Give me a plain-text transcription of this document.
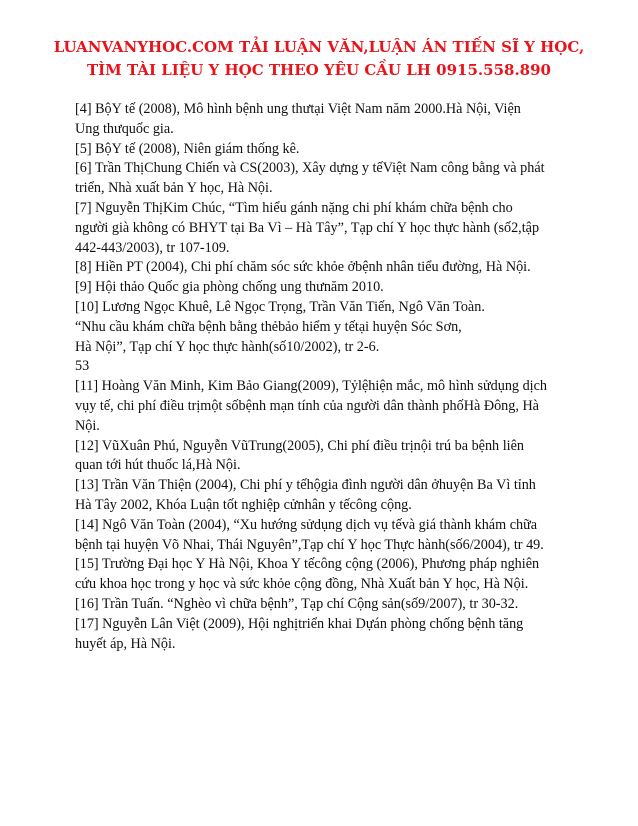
LUANVANYHOC.COM TẢI LUẬN VĂN,LUẬN ÁN TIẾN SĨ Y HỌC,
TÌM TÀI LIỆU Y HỌC THEO YÊU CẦU LH 0915.558.890
[4] BộY tế (2008), Mô hình bệnh ung thưtại Việt Nam năm 2000.Hà Nội, Viện
Ung thưquốc gia.
[5] BộY tế (2008), Niên giám thống kê.
[6] Trần ThịChung Chiến và CS(2003), Xây dựng y tếViệt Nam công bằng và phát
triển, Nhà xuất bản Y học, Hà Nội.
[7] Nguyễn ThịKim Chúc, “Tìm hiểu gánh nặng chi phí khám chữa bệnh cho
người già không có BHYT tại Ba Vì – Hà Tây”, Tạp chí Y học thực hành (số2,tập
442-443/2003), tr 107-109.
[8] Hiền PT (2004), Chi phí chăm sóc sức khỏe ởbệnh nhân tiểu đường, Hà Nội.
[9] Hội thảo Quốc gia phòng chống ung thưnăm 2010.
[10] Lương Ngọc Khuê, Lê Ngọc Trọng, Trần Văn Tiến, Ngô Văn Toàn.
“Nhu cầu khám chữa bệnh bằng thẻbảo hiểm y tếtại huyện Sóc Sơn,
Hà Nội”, Tạp chí Y học thực hành(số10/2002), tr 2-6.
53
[11] Hoàng Văn Minh, Kim Bảo Giang(2009), Tỷlệhiện mắc, mô hình sửdụng dịch
vụy tế, chi phí điều trịmột sốbệnh mạn tính của người dân thành phốHà Đông, Hà
Nội.
[12] VũXuân Phú, Nguyễn VũTrung(2005), Chi phí điều trịnội trú ba bệnh liên
quan tới hút thuốc lá,Hà Nội.
[13] Trần Văn Thiện (2004), Chi phí y tếhộgia đình người dân ởhuyện Ba Vì tỉnh
Hà Tây 2002, Khóa Luận tốt nghiệp cửnhân y tếcông cộng.
[14] Ngô Văn Toàn (2004), “Xu hướng sửdụng dịch vụ tếvà giá thành khám chữa
bệnh tại huyện Võ Nhai, Thái Nguyên”,Tạp chí Y học Thực hành(số6/2004), tr 49.
[15] Trường Đại học Y Hà Nội, Khoa Y tếcông cộng (2006), Phương pháp nghiên
cứu khoa học trong y học và sức khỏe cộng đồng, Nhà Xuất bản Y học, Hà Nội.
[16] Trần Tuấn. “Nghèo vì chữa bệnh”, Tạp chí Cộng sản(số9/2007), tr 30-32.
[17] Nguyễn Lân Việt (2009), Hội nghịtriển khai Dựán phòng chống bệnh tăng
huyết áp, Hà Nội.
